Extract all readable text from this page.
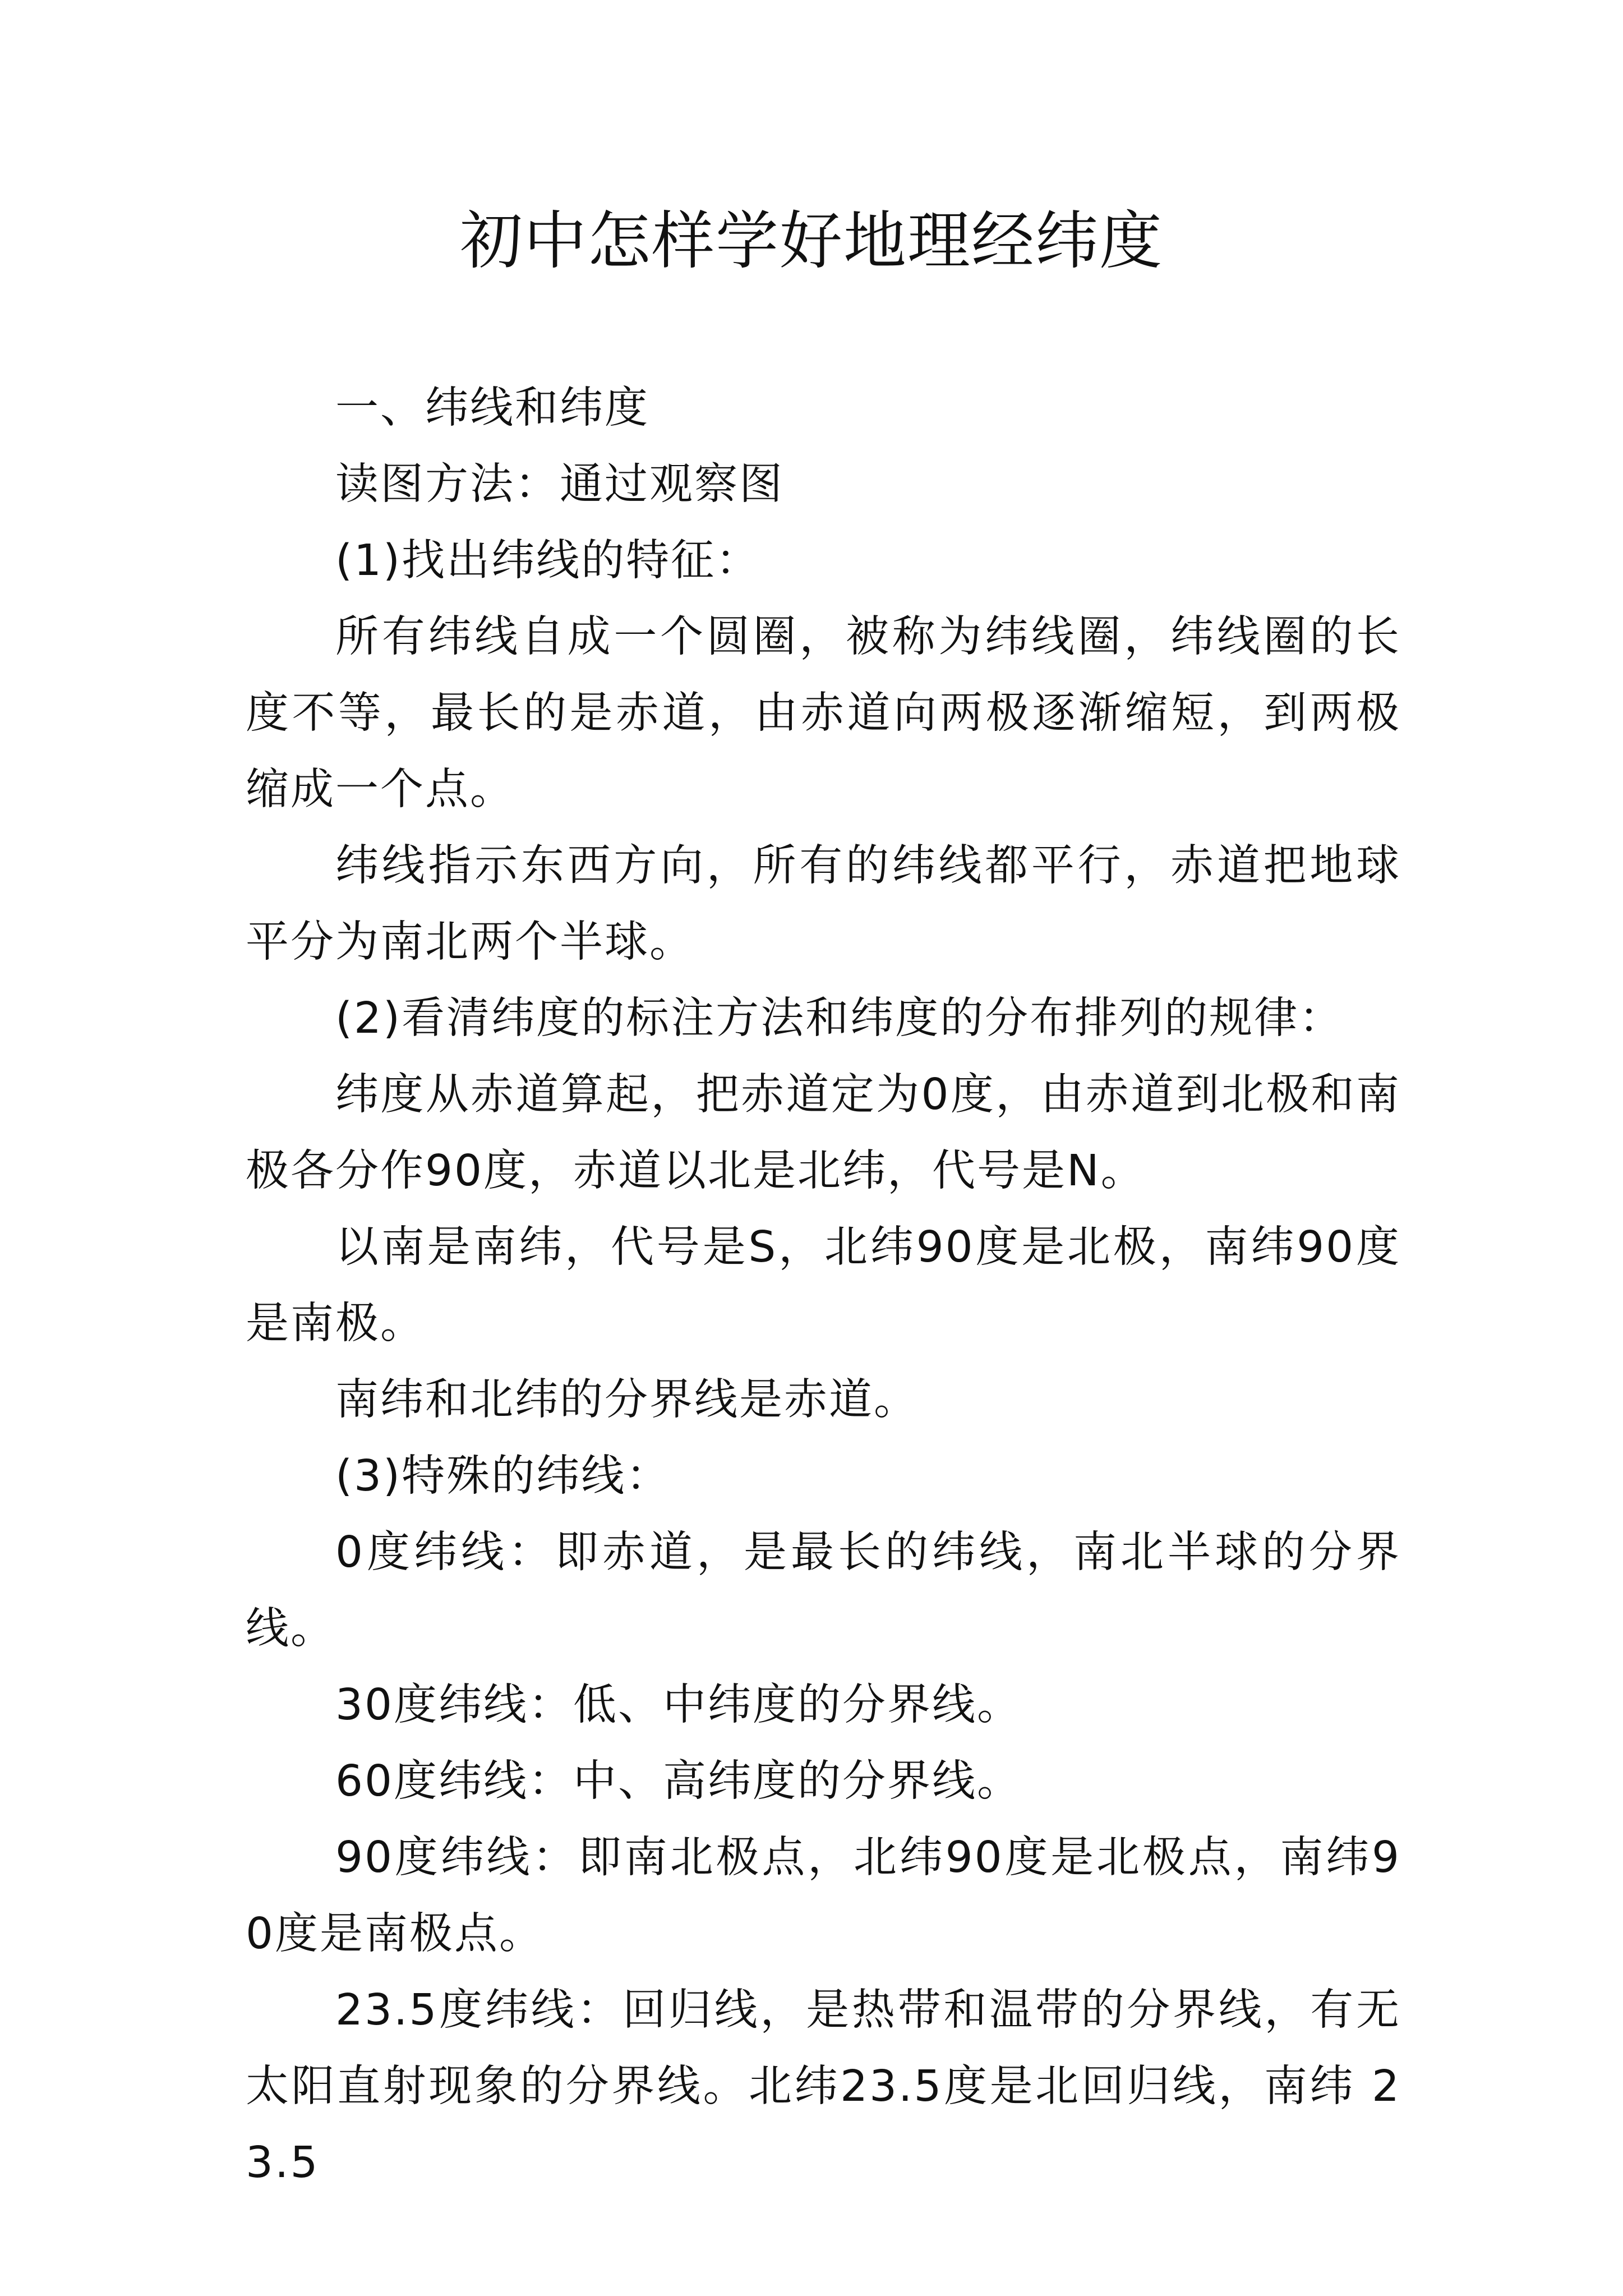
初中怎样学好地理经纬度

一、纬线和纬度

读图方法：通过观察图

(1)找出纬线的特征：

所有纬线自成一个圆圈，被称为纬线圈，纬线圈的长度不等，最长的是赤道，由赤道向两极逐渐缩短，到两极缩成一个点。

纬线指示东西方向，所有的纬线都平行，赤道把地球平分为南北两个半球。

(2)看清纬度的标注方法和纬度的分布排列的规律：

纬度从赤道算起，把赤道定为0度，由赤道到北极和南极各分作90度，赤道以北是北纬，代号是N。

以南是南纬，代号是S，北纬90度是北极，南纬90度是南极。

南纬和北纬的分界线是赤道。

(3)特殊的纬线：

0度纬线：即赤道，是最长的纬线，南北半球的分界线。

30度纬线：低、中纬度的分界线。

60度纬线：中、高纬度的分界线。

90度纬线：即南北极点，北纬90度是北极点，南纬90度是南极点。

23.5度纬线：回归线，是热带和温带的分界线，有无太阳直射现象的分界线。北纬23.5度是北回归线，南纬 23.5
